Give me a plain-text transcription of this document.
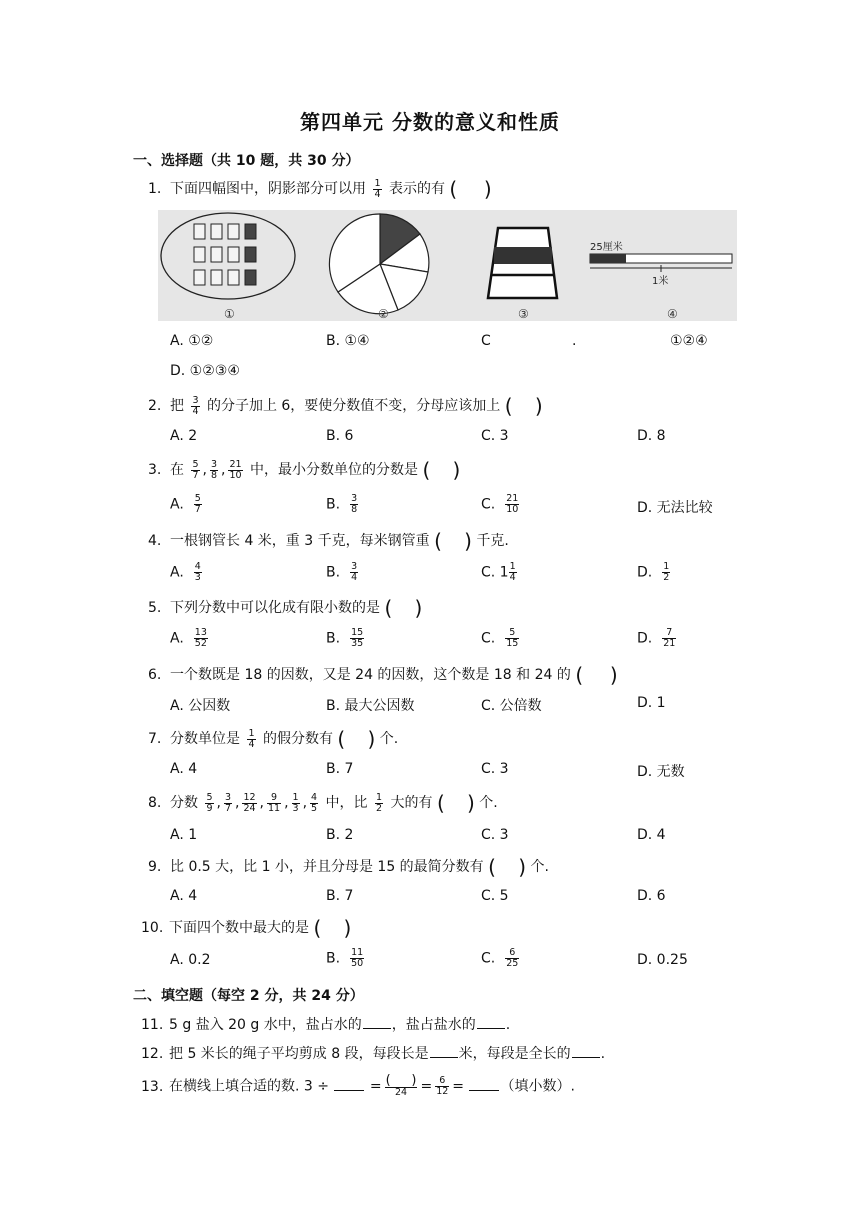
第四单元 分数的意义和性质
一、选择题（共 10 题，共 30 分）
1. 下面四幅图中，阴影部分可以用 $\frac{1}{4}$ 表示的有 ( )
25厘米
1米
①	②	③	④
A. ①②	B. ①④	C	.	①②④
D. ①②③④
2. 把 $\frac{3}{4}$ 的分子加上 6，要使分数值不变，分母应该加上 ( )
A. 2	B. 6	C. 3	D. 8
3. 在 $\frac{5}{7}$ , $\frac{3}{8}$ , $\frac{21}{10}$ 中，最小分数单位的分数是 ( )
A. $\frac{5}{7}$	B. $\frac{3}{8}$	C. $\frac{21}{10}$	D. 无法比较
4. 一根钢管长 4 米，重 3 千克，每米钢管重 ( ) 千克.
A. $\frac{4}{3}$	B. $\frac{3}{4}$	C. $1 \frac{1}{4}$	D. $\frac{1}{2}$
5. 下列分数中可以化成有限小数的是 ( )
A. $\frac{13}{52}$	B. $\frac{15}{35}$	C. $\frac{5}{15}$	D. $\frac{7}{21}$
6. 一个数既是 18 的因数，又是 24 的因数，这个数是 18 和 24 的 ( )
A. 公因数	B. 最大公因数	C. 公倍数	D. 1
7. 分数单位是 $\frac{1}{4}$ 的假分数有 ( ) 个.
A. 4	B. 7	C. 3	D. 无数
8. 分数 $\frac{5}{9}$ , $\frac{3}{7}$ , $\frac{12}{24}$ , $\frac{9}{11}$ , $\frac{1}{3}$ , $\frac{4}{5}$ 中，比 $\frac{1}{2}$ 大的有 ( ) 个.
A. 1	B. 2	C. 3	D. 4
9. 比 0.5 大，比 1 小，并且分母是 15 的最简分数有 ( ) 个.
A. 4	B. 7	C. 5	D. 6
10. 下面四个数中最大的是 ( )
A. 0.2	B. $\frac{11}{50}$	C. $\frac{6}{25}$	D. 0.25
二、填空题（每空 2 分，共 24 分）
11. 5 g 盐入 20 g 水中，盐占水的 ，盐占盐水的 .
12. 把 5 米长的绳子平均剪成 8 段，每段长是 米，每段是全长的 .
13. 在横线上填合适的数. 3 ÷	= $\frac{( )}{24} = \frac{6}{12}$ =	（填小数）.
